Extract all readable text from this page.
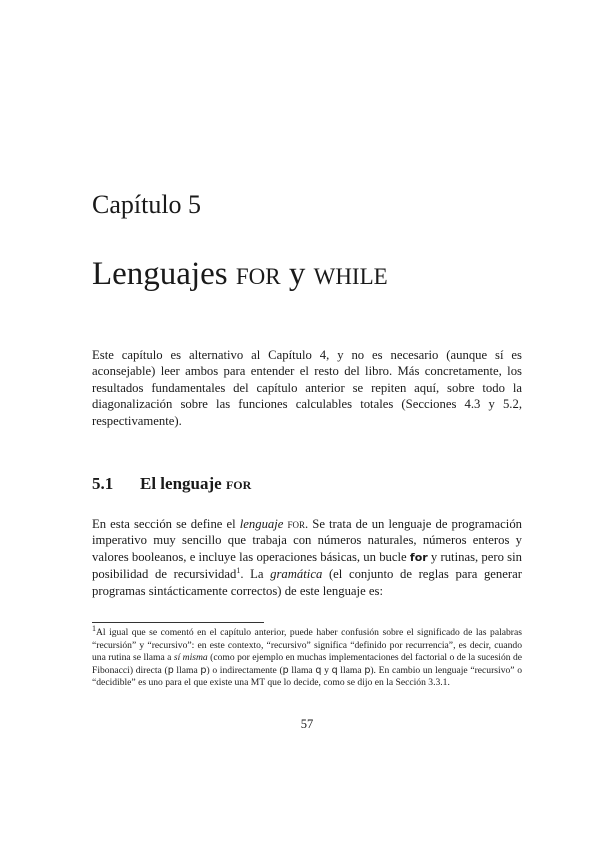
Capítulo 5
Lenguajes for y while

Este capítulo es alternativo al Capítulo 4, y no es necesario (aunque sí es aconsejable) leer ambos para entender el resto del libro. Más concretamente, los resultados fundamentales del capítulo anterior se repiten aquí, sobre todo la diagonalización sobre las funciones calculables totales (Secciones 4.3 y 5.2, respectivamente).

5.1 El lenguaje for

En esta sección se define el lenguaje for. Se trata de un lenguaje de programación imperativo muy sencillo que trabaja con números naturales, números enteros y valores booleanos, e incluye las operaciones básicas, un bucle for y rutinas, pero sin posibilidad de recursividad$^1$. La gramática (el conjunto de reglas para generar programas sintácticamente correctos) de este lenguaje es:

$^1$Al igual que se comentó en el capítulo anterior, puede haber confusión sobre el significado de las palabras “recursión” y “recursivo”: en este contexto, “recursivo” significa “definido por recurrencia”, es decir, cuando una rutina se llama a sí misma (como por ejemplo en muchas implementaciones del factorial o de la sucesión de Fibonacci) directa (p llama p) o indirectamente (p llama q y q llama p). En cambio un lenguaje “recursivo” o “decidible” es uno para el que existe una MT que lo decide, como se dijo en la Sección 3.3.1.

57
